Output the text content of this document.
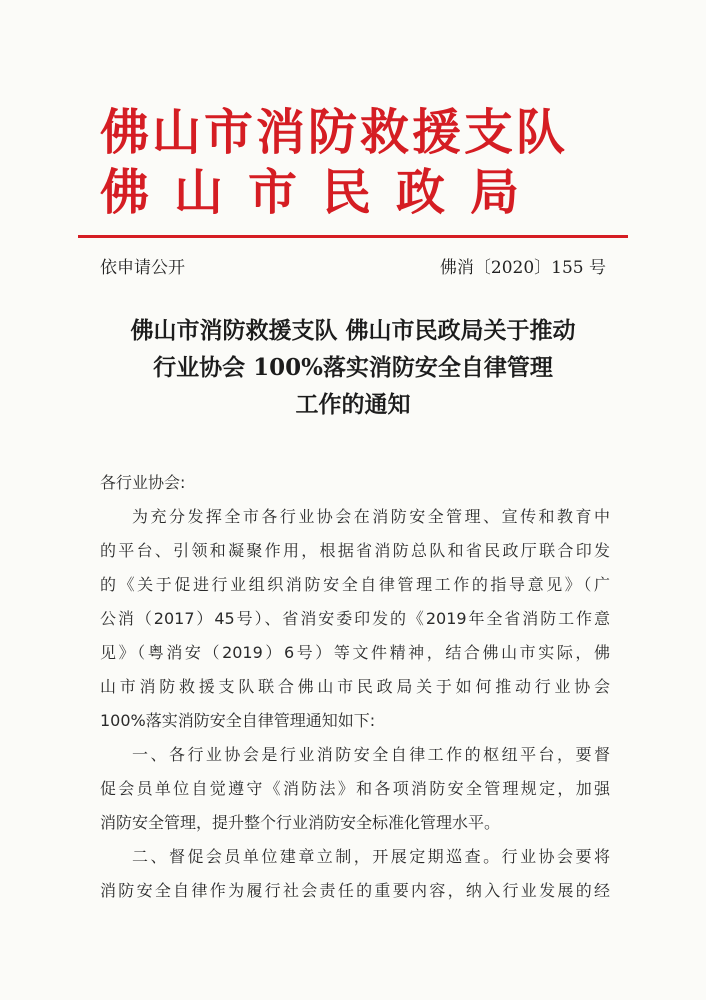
佛山市消防救援支队
佛山市民政局
依申请公开	佛消〔2020〕155 号
佛山市消防救援支队 佛山市民政局关于推动
行业协会 100%落实消防安全自律管理
工作的通知
各行业协会:
为充分发挥全市各行业协会在消防安全管理、宣传和教育中
的平台、引领和凝聚作用，根据省消防总队和省民政厅联合印发
的《关于促进行业组织消防安全自律管理工作的指导意见》（广
公消（2017）45号）、省消安委印发的《2019年全省消防工作意
见》（粤消安（2019）6号）等文件精神，结合佛山市实际，佛
山市消防救援支队联合佛山市民政局关于如何推动行业协会
100%落实消防安全自律管理通知如下:
一、各行业协会是行业消防安全自律工作的枢纽平台，要督
促会员单位自觉遵守《消防法》和各项消防安全管理规定，加强
消防安全管理，提升整个行业消防安全标准化管理水平。
二、督促会员单位建章立制，开展定期巡查。行业协会要将
消防安全自律作为履行社会责任的重要内容，纳入行业发展的经
